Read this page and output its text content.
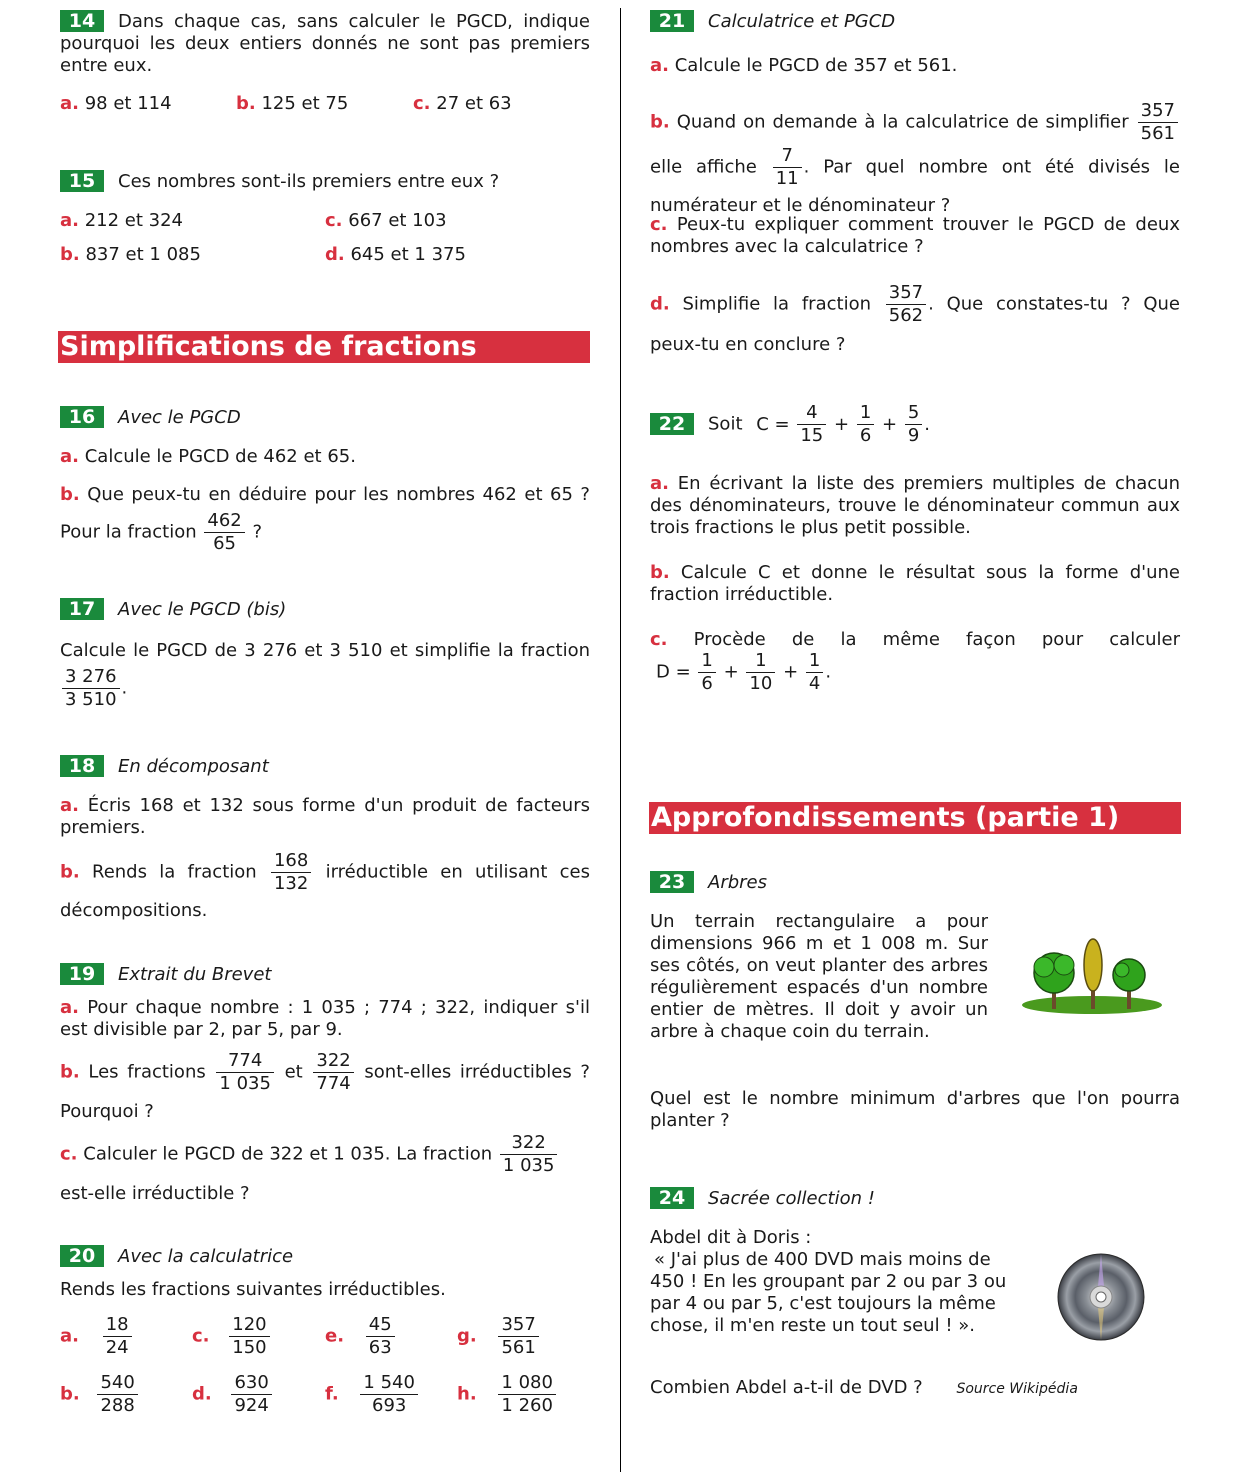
14 Dans chaque cas, sans calculer le PGCD, indique pourquoi les deux entiers donnés ne sont pas premiers entre eux.
a. 98 et 114	b. 125 et 75	c. 27 et 63
15 Ces nombres sont-ils premiers entre eux ?
a. 212 et 324	c. 667 et 103
b. 837 et 1 085	d. 645 et 1 375
Simplifications de fractions
16 Avec le PGCD
a. Calcule le PGCD de 462 et 65.
b. Que peux-tu en déduire pour les nombres 462 et 65 ? Pour la fraction $\frac{462}{65}$ ?
17 Avec le PGCD (bis)
Calcule le PGCD de 3 276 et 3 510 et simplifie la fraction
$\frac{3 276}{3 510}$ .
18 En décomposant
a. Écris 168 et 132 sous forme d'un produit de facteurs premiers.
b. Rends la fraction $\frac{168}{132}$ irréductible en utilisant ces décompositions.
19 Extrait du Brevet
a. Pour chaque nombre : 1 035 ; 774 ; 322, indiquer s'il est divisible par 2, par 5, par 9.
b. Les fractions $\frac{774}{1 035}$ et $\frac{322}{774}$ sont-elles irréductibles ? Pourquoi ?
c. Calculer le PGCD de 322 et 1 035. La fraction $\frac{322}{1 035}$
est-elle irréductible ?
20 Avec la calculatrice
Rends les fractions suivantes irréductibles.
a. $\frac{18}{24}$	c. $\frac{120}{150}$	e. $\frac{45}{63}$	g. $\frac{357}{561}$
b. $\frac{540}{288}$	d. $\frac{630}{924}$	f. $\frac{1 540}{693} h$. $\frac{1 080}{1 260}$
21 Calculatrice et PGCD
a. Calcule le PGCD de 357 et 561.
b. Quand on demande à la calculatrice de simplifier $\frac{357}{561}$
elle affiche $\frac{7}{11}$ . Par quel nombre ont été divisés le numérateur et le dénominateur ?
c. Peux-tu expliquer comment trouver le PGCD de deux nombres avec la calculatrice ?
d. Simplifie la fraction $\frac{357}{562}$ . Que constates-tu ? Que peux-tu en conclure ?
22 Soit $C = \frac{4}{15} + \frac{1}{6} + \frac{5}{9}$ .
a. En écrivant la liste des premiers multiples de chacun des dénominateurs, trouve le dénominateur commun aux trois fractions le plus petit possible.
b. Calcule C et donne le résultat sous la forme d'une fraction irréductible.
c. Procède de la même façon pour calculer
$D = \frac{1}{6} + \frac{1}{10} + \frac{1}{4}$ .
Approfondissements (partie 1)
23 Arbres
Un terrain rectangulaire a pour dimensions 966 m et 1 008 m. Sur ses côtés, on veut planter des arbres régulièrement espacés d'un nombre entier de mètres. Il doit y avoir un arbre à chaque coin du terrain.
Quel est le nombre minimum d'arbres que l'on pourra planter ?
24 Sacrée collection !
Abdel dit à Doris :
« J'ai plus de 400 DVD mais moins de 450 ! En les groupant par 2 ou par 3 ou par 4 ou par 5, c'est toujours la même chose, il m'en reste un tout seul ! ».
Combien Abdel a-t-il de DVD ? Source Wikipédia
